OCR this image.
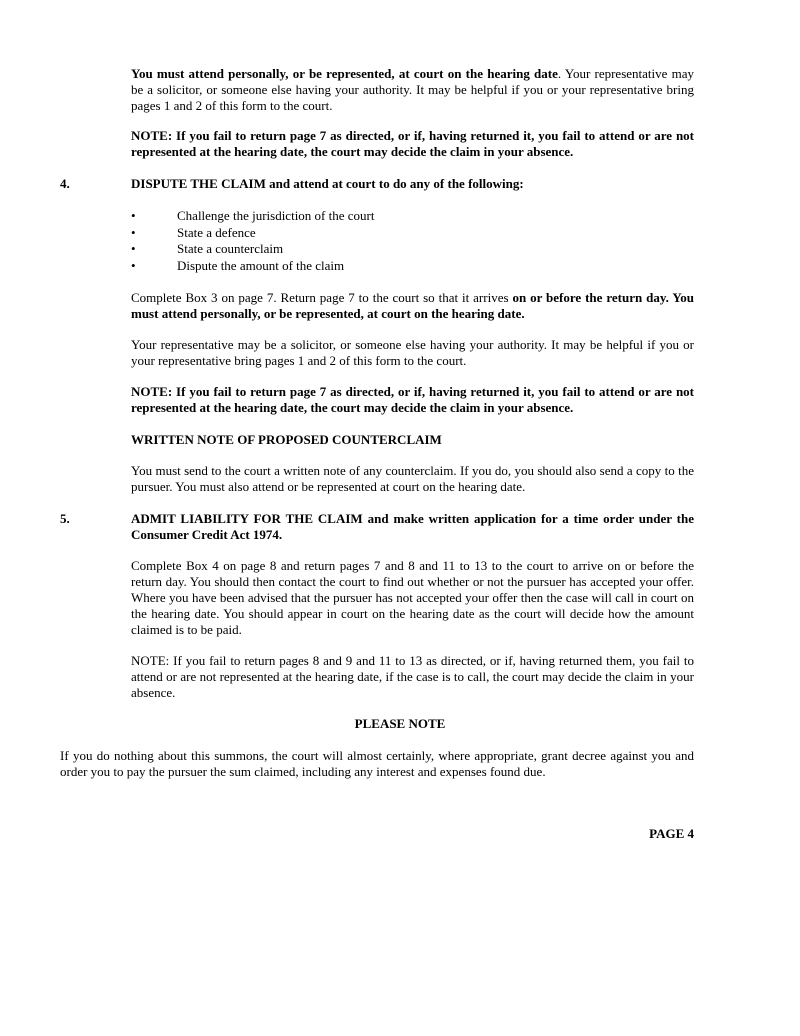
You must attend personally, or be represented, at court on the hearing date. Your representative may be a solicitor, or someone else having your authority. It may be helpful if you or your representative bring pages 1 and 2 of this form to the court.

NOTE: If you fail to return page 7 as directed, or if, having returned it, you fail to attend or are not represented at the hearing date, the court may decide the claim in your absence.

4.	DISPUTE THE CLAIM and attend at court to do any of the following:

•	Challenge the jurisdiction of the court
•	State a defence
•	State a counterclaim
•	Dispute the amount of the claim

Complete Box 3 on page 7. Return page 7 to the court so that it arrives on or before the return day. You must attend personally, or be represented, at court on the hearing date.

Your representative may be a solicitor, or someone else having your authority. It may be helpful if you or your representative bring pages 1 and 2 of this form to the court.

NOTE: If you fail to return page 7 as directed, or if, having returned it, you fail to attend or are not represented at the hearing date, the court may decide the claim in your absence.

WRITTEN NOTE OF PROPOSED COUNTERCLAIM

You must send to the court a written note of any counterclaim. If you do, you should also send a copy to the pursuer. You must also attend or be represented at court on the hearing date.

5.	ADMIT LIABILITY FOR THE CLAIM and make written application for a time order under the Consumer Credit Act 1974.

Complete Box 4 on page 8 and return pages 7 and 8 and 11 to 13 to the court to arrive on or before the return day. You should then contact the court to find out whether or not the pursuer has accepted your offer. Where you have been advised that the pursuer has not accepted your offer then the case will call in court on the hearing date. You should appear in court on the hearing date as the court will decide how the amount claimed is to be paid.

NOTE: If you fail to return pages 8 and 9 and 11 to 13 as directed, or if, having returned them, you fail to attend or are not represented at the hearing date, if the case is to call, the court may decide the claim in your absence.

PLEASE NOTE

If you do nothing about this summons, the court will almost certainly, where appropriate, grant decree against you and order you to pay the pursuer the sum claimed, including any interest and expenses found due.

PAGE 4
